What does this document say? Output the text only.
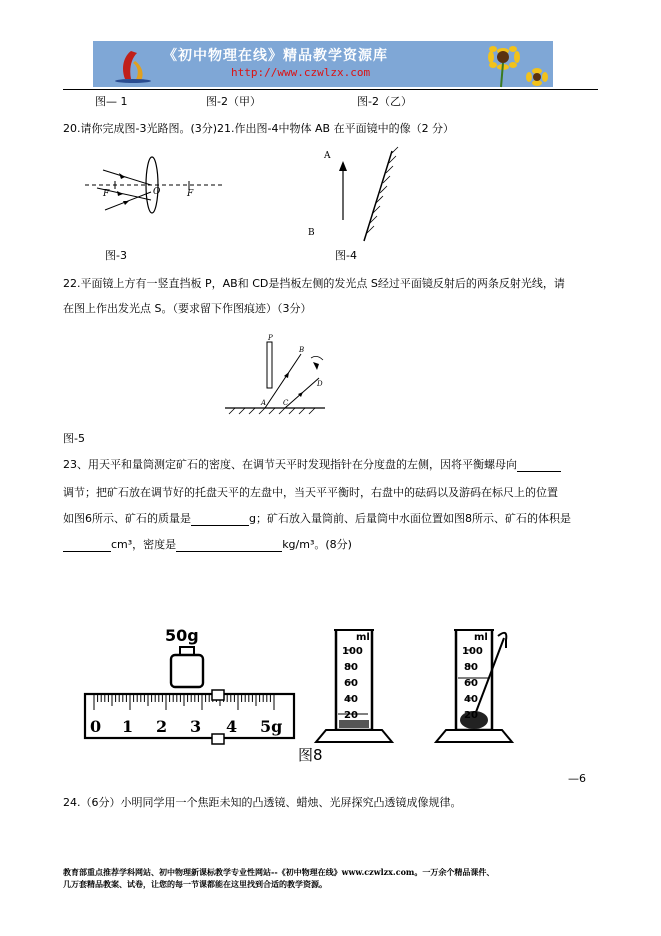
《初中物理在线》精品教学资源库
http://www.czwlzx.com
图— 1	图-2（甲）	图-2（乙）
20.请你完成图-3光路图。(3分)21.作出图-4中物体 AB 在平面镜中的像（2 分）
F	O	F
图-3
A
B
图-4
22.平面镜上方有一竖直挡板 P，AB和 CD是挡板左侧的发光点 S经过平面镜反射后的两条反射光线，请
在图上作出发光点 S。（要求留下作图痕迹）（3分）
P
B
A C
D
图-5
23、用天平和量筒测定矿石的密度、在调节天平时发现指针在分度盘的左侧，因将平衡螺母向
调节；把矿石放在调节好的托盘天平的左盘中，当天平平衡时，右盘中的砝码以及游码在标尺上的位置
如图6所示、矿石的质量是	g；矿石放入量筒前、后量筒中水面位置如图8所示、矿石的体积是
cm³，密度是	kg/m³。(8分)
50g
0 1 2 3 4 5g
ml
100
80
60
40
20
ml
100
80
60
40
20
图8
—6
24.（6分）小明同学用一个焦距未知的凸透镜、蜡烛、光屏探究凸透镜成像规律。
教育部重点推荐学科网站、初中物理新课标教学专业性网站--《初中物理在线》www.czwlzx.com。一万余个精品课件、
几万套精品教案、试卷，让您的每一节课都能在这里找到合适的教学资源。
